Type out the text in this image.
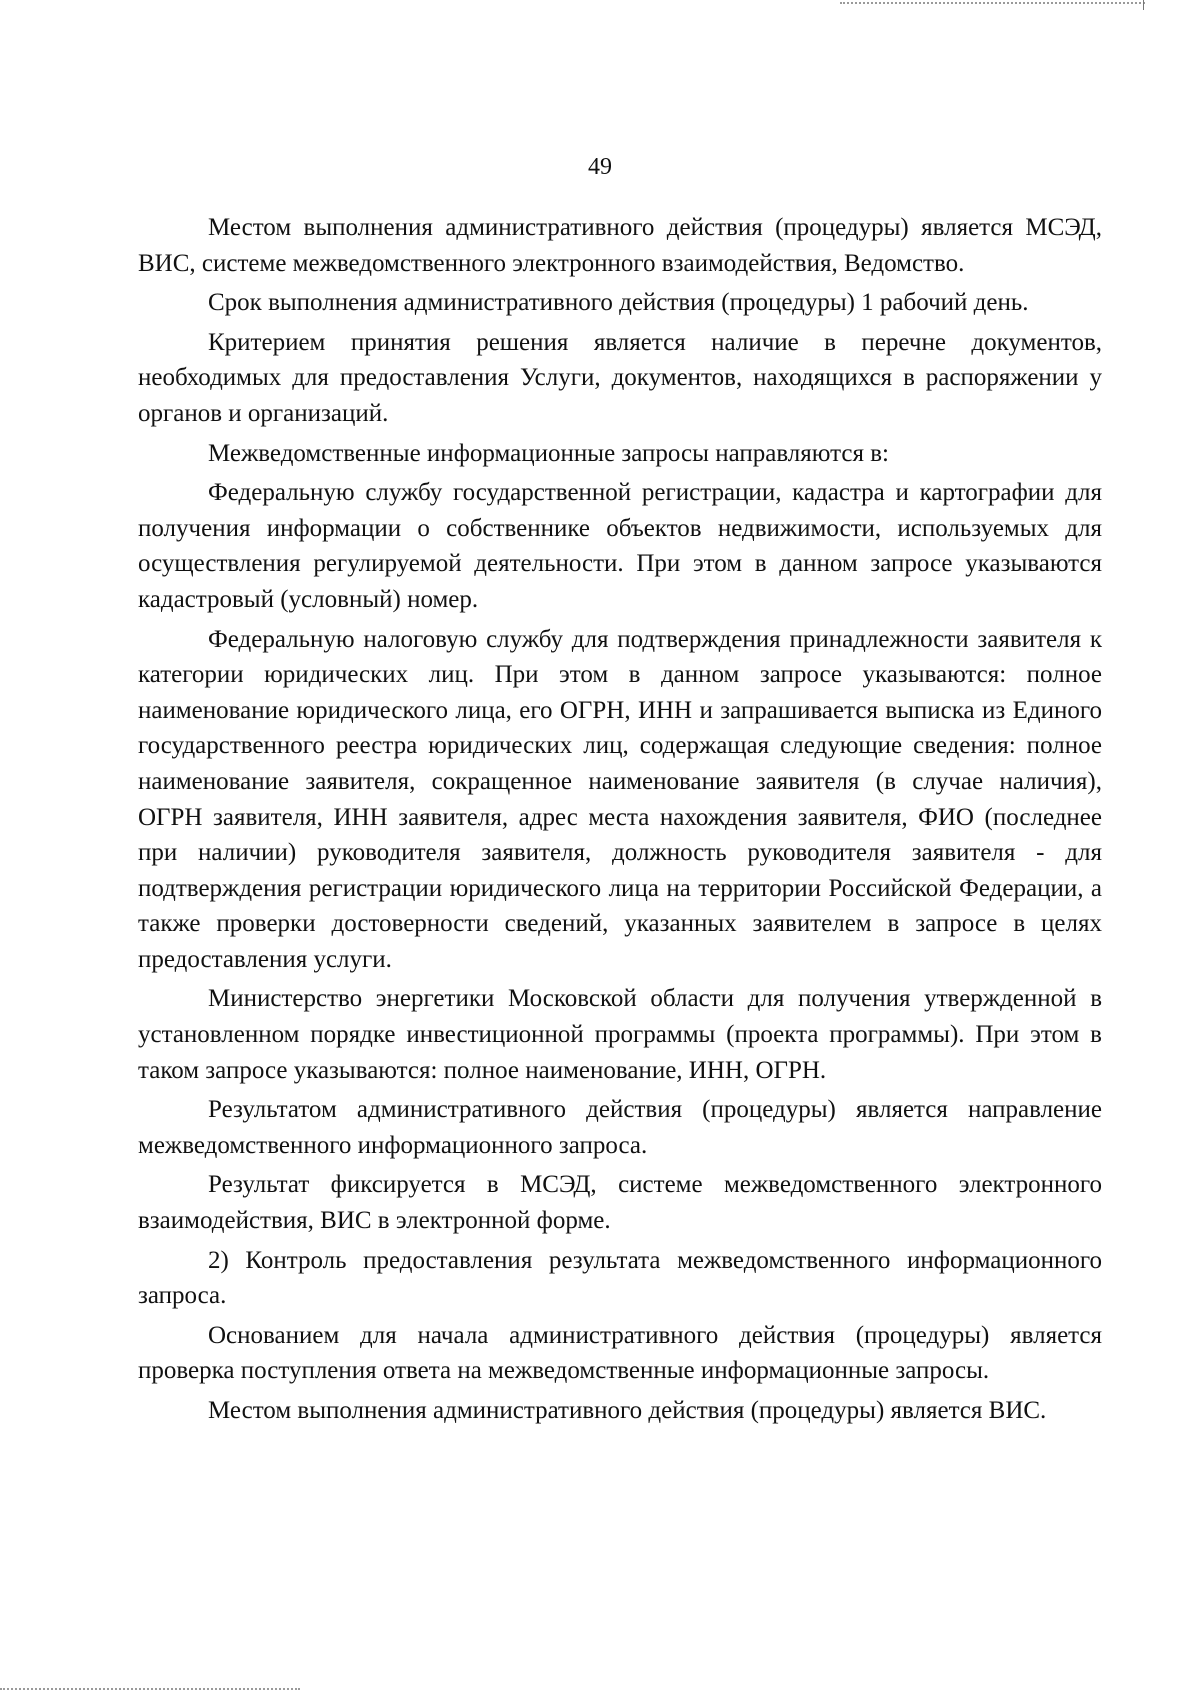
49

Местом выполнения административного действия (процедуры) является МСЭД, ВИС, системе межведомственного электронного взаимодействия, Ведомство.

Срок выполнения административного действия (процедуры) 1 рабочий день.

Критерием принятия решения является наличие в перечне документов, необходимых для предоставления Услуги, документов, находящихся в распоряжении у органов и организаций.

Межведомственные информационные запросы направляются в:

Федеральную службу государственной регистрации, кадастра и картографии для получения информации о собственнике объектов недвижимости, используемых для осуществления регулируемой деятельности. При этом в данном запросе указываются кадастровый (условный) номер.

Федеральную налоговую службу для подтверждения принадлежности заявителя к категории юридических лиц. При этом в данном запросе указываются: полное наименование юридического лица, его ОГРН, ИНН и запрашивается выписка из Единого государственного реестра юридических лиц, содержащая следующие сведения: полное наименование заявителя, сокращенное наименование заявителя (в случае наличия), ОГРН заявителя, ИНН заявителя, адрес места нахождения заявителя, ФИО (последнее при наличии) руководителя заявителя, должность руководителя заявителя - для подтверждения регистрации юридического лица на территории Российской Федерации, а также проверки достоверности сведений, указанных заявителем в запросе в целях предоставления услуги.

Министерство энергетики Московской области для получения утвержденной в установленном порядке инвестиционной программы (проекта программы). При этом в таком запросе указываются: полное наименование, ИНН, ОГРН.

Результатом административного действия (процедуры) является направление межведомственного информационного запроса.

Результат фиксируется в МСЭД, системе межведомственного электронного взаимодействия, ВИС в электронной форме.

2) Контроль предоставления результата межведомственного информационного запроса.

Основанием для начала административного действия (процедуры) является проверка поступления ответа на межведомственные информационные запросы.

Местом выполнения административного действия (процедуры) является ВИС.
